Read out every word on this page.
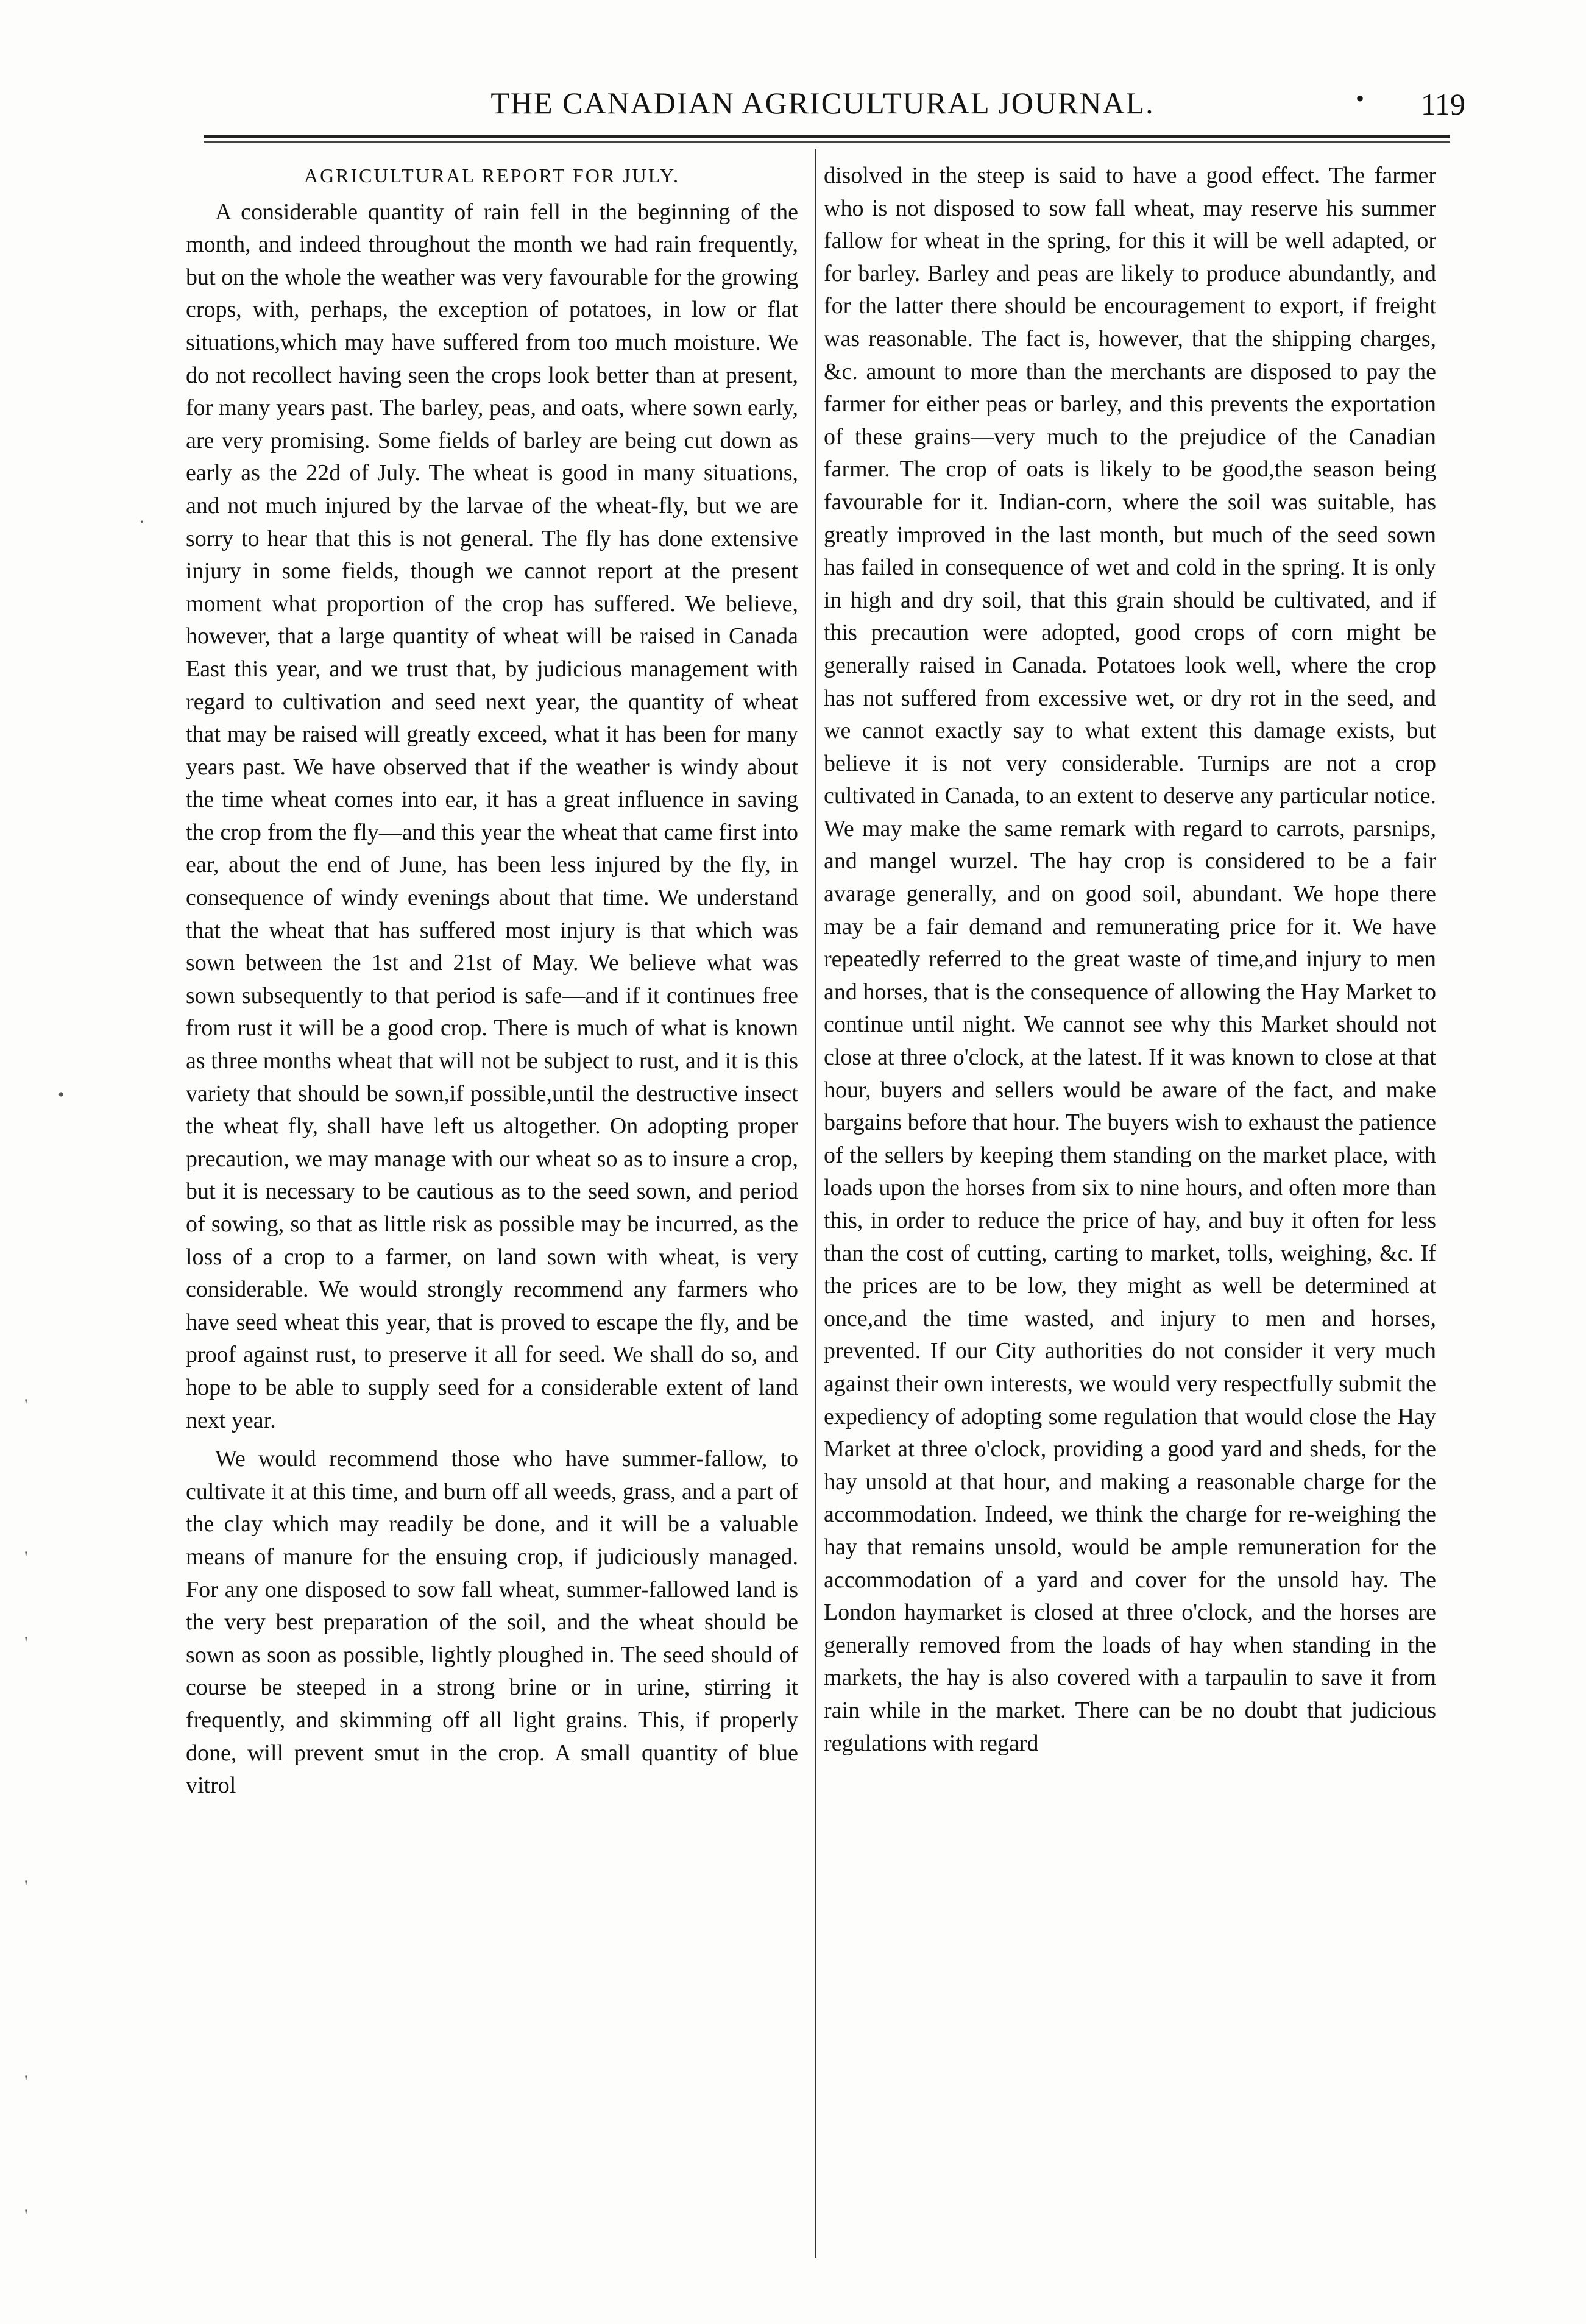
THE CANADIAN AGRICULTURAL JOURNAL.	•	119
AGRICULTURAL REPORT FOR JULY.

A considerable quantity of rain fell in the beginning of the month, and indeed throughout the month we had rain frequently, but on the whole the weather was very favourable for the growing crops, with, perhaps, the exception of potatoes, in low or flat situations,which may have suffered from too much moisture. We do not recollect having seen the crops look better than at present, for many years past. The barley, peas, and oats, where sown early, are very promising. Some fields of barley are being cut down as early as the 22d of July. The wheat is good in many situations, and not much injured by the larvae of the wheat-fly, but we are sorry to hear that this is not general. The fly has done extensive injury in some fields, though we cannot report at the present moment what proportion of the crop has suffered. We believe, however, that a large quantity of wheat will be raised in Canada East this year, and we trust that, by judicious management with regard to cultivation and seed next year, the quantity of wheat that may be raised will greatly exceed, what it has been for many years past. We have observed that if the weather is windy about the time wheat comes into ear, it has a great influence in saving the crop from the fly—and this year the wheat that came first into ear, about the end of June, has been less injured by the fly, in consequence of windy evenings about that time. We understand that the wheat that has suffered most injury is that which was sown between the 1st and 21st of May. We believe what was sown subsequently to that period is safe—and if it continues free from rust it will be a good crop. There is much of what is known as three months wheat that will not be subject to rust, and it is this variety that should be sown,if possible,until the destructive insect the wheat fly, shall have left us altogether. On adopting proper precaution, we may manage with our wheat so as to insure a crop, but it is necessary to be cautious as to the seed sown, and period of sowing, so that as little risk as possible may be incurred, as the loss of a crop to a farmer, on land sown with wheat, is very considerable. We would strongly recommend any farmers who have seed wheat this year, that is proved to escape the fly, and be proof against rust, to preserve it all for seed. We shall do so, and hope to be able to supply seed for a considerable extent of land next year.

We would recommend those who have summer-fallow, to cultivate it at this time, and burn off all weeds, grass, and a part of the clay which may readily be done, and it will be a valuable means of manure for the ensuing crop, if judiciously managed. For any one disposed to sow fall wheat, summer-fallowed land is the very best preparation of the soil, and the wheat should be sown as soon as possible, lightly ploughed in. The seed should of course be steeped in a strong brine or in urine, stirring it frequently, and skimming off all light grains. This, if properly done, will prevent smut in the crop. A small quantity of blue vitrol

disolved in the steep is said to have a good effect. The farmer who is not disposed to sow fall wheat, may reserve his summer fallow for wheat in the spring, for this it will be well adapted, or for barley. Barley and peas are likely to produce abundantly, and for the latter there should be encouragement to export, if freight was reasonable. The fact is, however, that the shipping charges, &c. amount to more than the merchants are disposed to pay the farmer for either peas or barley, and this prevents the exportation of these grains—very much to the prejudice of the Canadian farmer. The crop of oats is likely to be good,the season being favourable for it. Indian-corn, where the soil was suitable, has greatly improved in the last month, but much of the seed sown has failed in consequence of wet and cold in the spring. It is only in high and dry soil, that this grain should be cultivated, and if this precaution were adopted, good crops of corn might be generally raised in Canada. Potatoes look well, where the crop has not suffered from excessive wet, or dry rot in the seed, and we cannot exactly say to what extent this damage exists, but believe it is not very considerable. Turnips are not a crop cultivated in Canada, to an extent to deserve any particular notice. We may make the same remark with regard to carrots, parsnips, and mangel wurzel. The hay crop is considered to be a fair avarage generally, and on good soil, abundant. We hope there may be a fair demand and remunerating price for it. We have repeatedly referred to the great waste of time,and injury to men and horses, that is the consequence of allowing the Hay Market to continue until night. We cannot see why this Market should not close at three o'clock, at the latest. If it was known to close at that hour, buyers and sellers would be aware of the fact, and make bargains before that hour. The buyers wish to exhaust the patience of the sellers by keeping them standing on the market place, with loads upon the horses from six to nine hours, and often more than this, in order to reduce the price of hay, and buy it often for less than the cost of cutting, carting to market, tolls, weighing, &c. If the prices are to be low, they might as well be determined at once,and the time wasted, and injury to men and horses, prevented. If our City authorities do not consider it very much against their own interests, we would very respectfully submit the expediency of adopting some regulation that would close the Hay Market at three o'clock, providing a good yard and sheds, for the hay unsold at that hour, and making a reasonable charge for the accommodation. Indeed, we think the charge for re-weighing the hay that remains unsold, would be ample remuneration for the accommodation of a yard and cover for the unsold hay. The London haymarket is closed at three o'clock, and the horses are generally removed from the loads of hay when standing in the markets, the hay is also covered with a tarpaulin to save it from rain while in the market. There can be no doubt that judicious regulations with regard

·
•
'
'
'
'
'
'
